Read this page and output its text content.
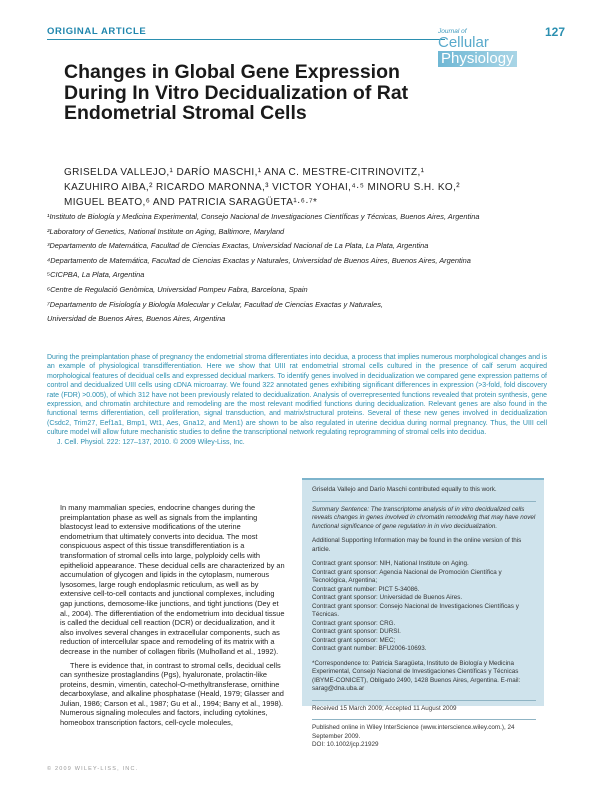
ORIGINAL ARTICLE	127
Journal of
Cellular
Physiology
Changes in Global Gene Expression During In Vitro Decidualization of Rat Endometrial Stromal Cells
GRISELDA VALLEJO,¹ DARÍO MASCHI,¹ ANA C. MESTRE-CITRINOVITZ,¹
KAZUHIRO AIBA,² RICARDO MARONNA,³ VICTOR YOHAI,⁴·⁵ MINORU S.H. KO,²
MIGUEL BEATO,⁶ AND PATRICIA SARAGÜETA¹·⁶·⁷*
¹Instituto de Biología y Medicina Experimental, Consejo Nacional de Investigaciones Científicas y Técnicas, Buenos Aires, Argentina
²Laboratory of Genetics, National Institute on Aging, Baltimore, Maryland
³Departamento de Matemática, Facultad de Ciencias Exactas, Universidad Nacional de La Plata, La Plata, Argentina
⁴Departamento de Matemática, Facultad de Ciencias Exactas y Naturales, Universidad de Buenos Aires, Buenos Aires, Argentina
⁵CICPBA, La Plata, Argentina
⁶Centre de Regulació Genòmica, Universidad Pompeu Fabra, Barcelona, Spain
⁷Departamento de Fisiología y Biología Molecular y Celular, Facultad de Ciencias Exactas y Naturales,
Universidad de Buenos Aires, Buenos Aires, Argentina
During the preimplantation phase of pregnancy the endometrial stroma differentiates into decidua, a process that implies numerous morphological changes and is an example of physiological transdifferentiation. Here we show that UIII rat endometrial stromal cells cultured in the presence of calf serum acquired morphological features of decidual cells and expressed decidual markers. To identify genes involved in decidualization we compared gene expression patterns of control and decidualized UIII cells using cDNA microarray. We found 322 annotated genes exhibiting significant differences in expression (>3-fold, fold discovery rate (FDR) >0.005), of which 312 have not been previously related to decidualization. Analysis of overrepresented functions revealed that protein synthesis, gene expression, and chromatin architecture and remodeling are the most relevant modified functions during decidualization. Relevant genes are also found in the functional terms differentiation, cell proliferation, signal transduction, and matrix/structural proteins. Several of these new genes involved in decidualization (Csdc2, Trim27, Eef1a1, Bmp1, Wt1, Aes, Gna12, and Men1) are shown to be also regulated in uterine decidua during normal pregnancy. Thus, the UIII cell culture model will allow future mechanistic studies to define the transcriptional network regulating reprogramming of stromal cells into decidua.
J. Cell. Physiol. 222: 127–137, 2010. © 2009 Wiley-Liss, Inc.

In many mammalian species, endocrine changes during the preimplantation phase as well as signals from the implanting blastocyst lead to extensive modifications of the uterine endometrium that ultimately converts into decidua. The most conspicuous aspect of this tissue transdifferentiation is a transformation of stromal cells into large, polyploidy cells with epithelioid appearance. These decidual cells are characterized by an accumulation of glycogen and lipids in the cytoplasm, numerous lysosomes, large rough endoplasmic reticulum, as well as by extensive cell-to-cell contacts and junctional complexes, including gap junctions, demosome-like junctions, and tight junctions (Dey et al., 2004). The differentiation of the endometrium into decidual tissue is called the decidual cell reaction (DCR) or decidualization, and it also involves several changes in extracellular components, such as reduction of intercellular space and remodeling of its matrix with a decrease in the number of collagen fibrils (Mulholland et al., 1992).

There is evidence that, in contrast to stromal cells, decidual cells can synthesize prostaglandins (Pgs), hyaluronate, prolactin-like proteins, desmin, vimentin, catechol-O-methyltransferase, ornithine decarboxylase, and alkaline phosphatase (Heald, 1979; Glasser and Julian, 1986; Carson et al., 1987; Gu et al., 1994; Bany et al., 1998). Numerous signaling molecules and factors, including cytokines, homeobox transcription factors, cell-cycle molecules,

Griselda Vallejo and Darío Maschi contributed equally to this work.

Summary Sentence: The transcriptome analysis of in vitro decidualized cells reveals changes in genes involved in chromatin remodeling that may have novel functional significance of gene regulation in in vivo decidualization.

Additional Supporting Information may be found in the online version of this article.

Contract grant sponsor: NIH, National Institute on Aging.
Contract grant sponsor: Agencia Nacional de Promoción Científica y Tecnológica, Argentina;
Contract grant number: PICT 5-34086.
Contract grant sponsor: Universidad de Buenos Aires.
Contract grant sponsor: Consejo Nacional de Investigaciones Científicas y Técnicas.
Contract grant sponsor: CRG.
Contract grant sponsor: DURSI.
Contract grant sponsor: MEC;
Contract grant number: BFU2006-10693.

*Correspondence to: Patricia Saragüeta, Instituto de Biología y Medicina Experimental, Consejo Nacional de Investigaciones Científicas y Técnicas (IBYME-CONICET), Obligado 2490, 1428 Buenos Aires, Argentina. E-mail: sarag@dna.uba.ar

Received 15 March 2009; Accepted 11 August 2009

Published online in Wiley InterScience (www.interscience.wiley.com.), 24 September 2009.

DOI: 10.1002/jcp.21929

© 2009 WILEY-LISS, INC.
